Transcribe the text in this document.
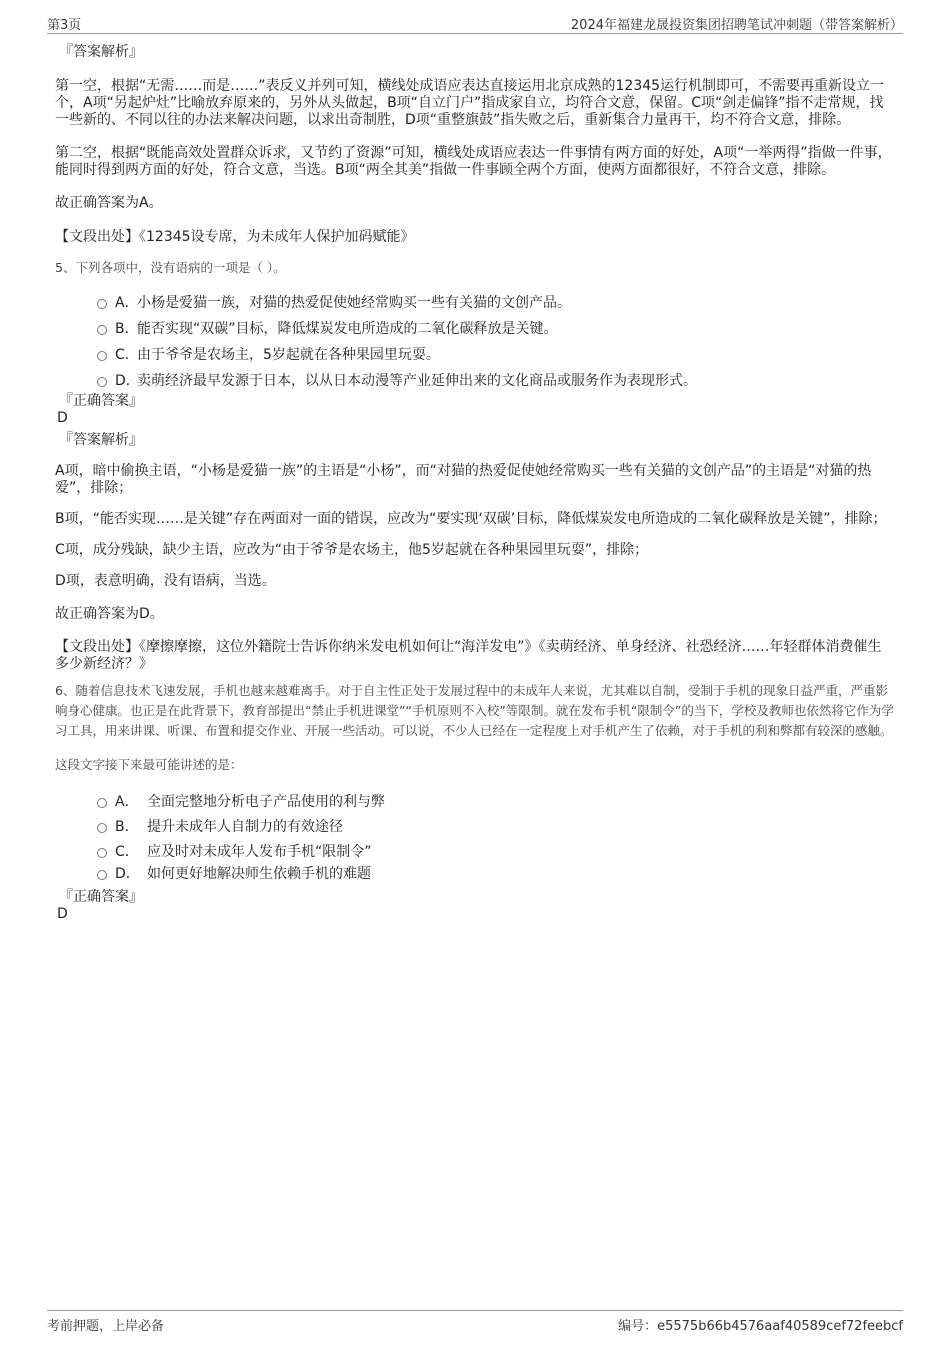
第3页	2024年福建龙晟投资集团招聘笔试冲刺题（带答案解析）
『答案解析』

第一空，根据“无需……而是……”表反义并列可知，横线处成语应表达直接运用北京成熟的12345运行机制即可，不需要再重新设立一个，A项“另起炉灶”比喻放弃原来的，另外从头做起，B项“自立门户”指成家自立，均符合文意，保留。C项“剑走偏锋”指不走常规，找一些新的、不同以往的办法来解决问题，以求出奇制胜，D项“重整旗鼓”指失败之后，重新集合力量再干，均不符合文意，排除。

第二空，根据“既能高效处置群众诉求，又节约了资源”可知，横线处成语应表达一件事情有两方面的好处，A项“一举两得”指做一件事，能同时得到两方面的好处，符合文意，当选。B项“两全其美”指做一件事顾全两个方面，使两方面都很好，不符合文意，排除。

故正确答案为A。

【文段出处】《12345设专席，为未成年人保护加码赋能》

5、下列各项中，没有语病的一项是（ ）。

A．小杨是爱猫一族，对猫的热爱促使她经常购买一些有关猫的文创产品。
B．能否实现“双碳”目标，降低煤炭发电所造成的二氧化碳释放是关键。
C．由于爷爷是农场主，5岁起就在各种果园里玩耍。
D．卖萌经济最早发源于日本，以从日本动漫等产业延伸出来的文化商品或服务作为表现形式。
『正确答案』
D
『答案解析』

A项，暗中偷换主语，“小杨是爱猫一族”的主语是“小杨”，而“对猫的热爱促使她经常购买一些有关猫的文创产品”的主语是“对猫的热爱”，排除；

B项，“能否实现……是关键”存在两面对一面的错误，应改为“要实现‘双碳’目标，降低煤炭发电所造成的二氧化碳释放是关键”，排除；

C项，成分残缺，缺少主语，应改为“由于爷爷是农场主，他5岁起就在各种果园里玩耍”，排除；

D项，表意明确，没有语病，当选。

故正确答案为D。

【文段出处】《摩擦摩擦，这位外籍院士告诉你纳米发电机如何让“海洋发电”》《卖萌经济、单身经济、社恐经济……年轻群体消费催生多少新经济？》

6、随着信息技术飞速发展，手机也越来越难离手。对于自主性正处于发展过程中的未成年人来说，尤其难以自制，受制于手机的现象日益严重，严重影响身心健康。也正是在此背景下，教育部提出“禁止手机进课堂”“手机原则不入校”等限制。就在发布手机“限制令”的当下，学校及教师也依然将它作为学习工具，用来讲课、听课、布置和提交作业、开展一些活动。可以说，不少人已经在一定程度上对手机产生了依赖，对于手机的利和弊都有较深的感触。

这段文字接下来最可能讲述的是：

A． 全面完整地分析电子产品使用的利与弊
B． 提升未成年人自制力的有效途径
C． 应及时对未成年人发布手机“限制令”
D． 如何更好地解决师生依赖手机的难题
『正确答案』
D
考前押题，上岸必备	编号：e5575b66b4576aaf40589cef72feebcf
